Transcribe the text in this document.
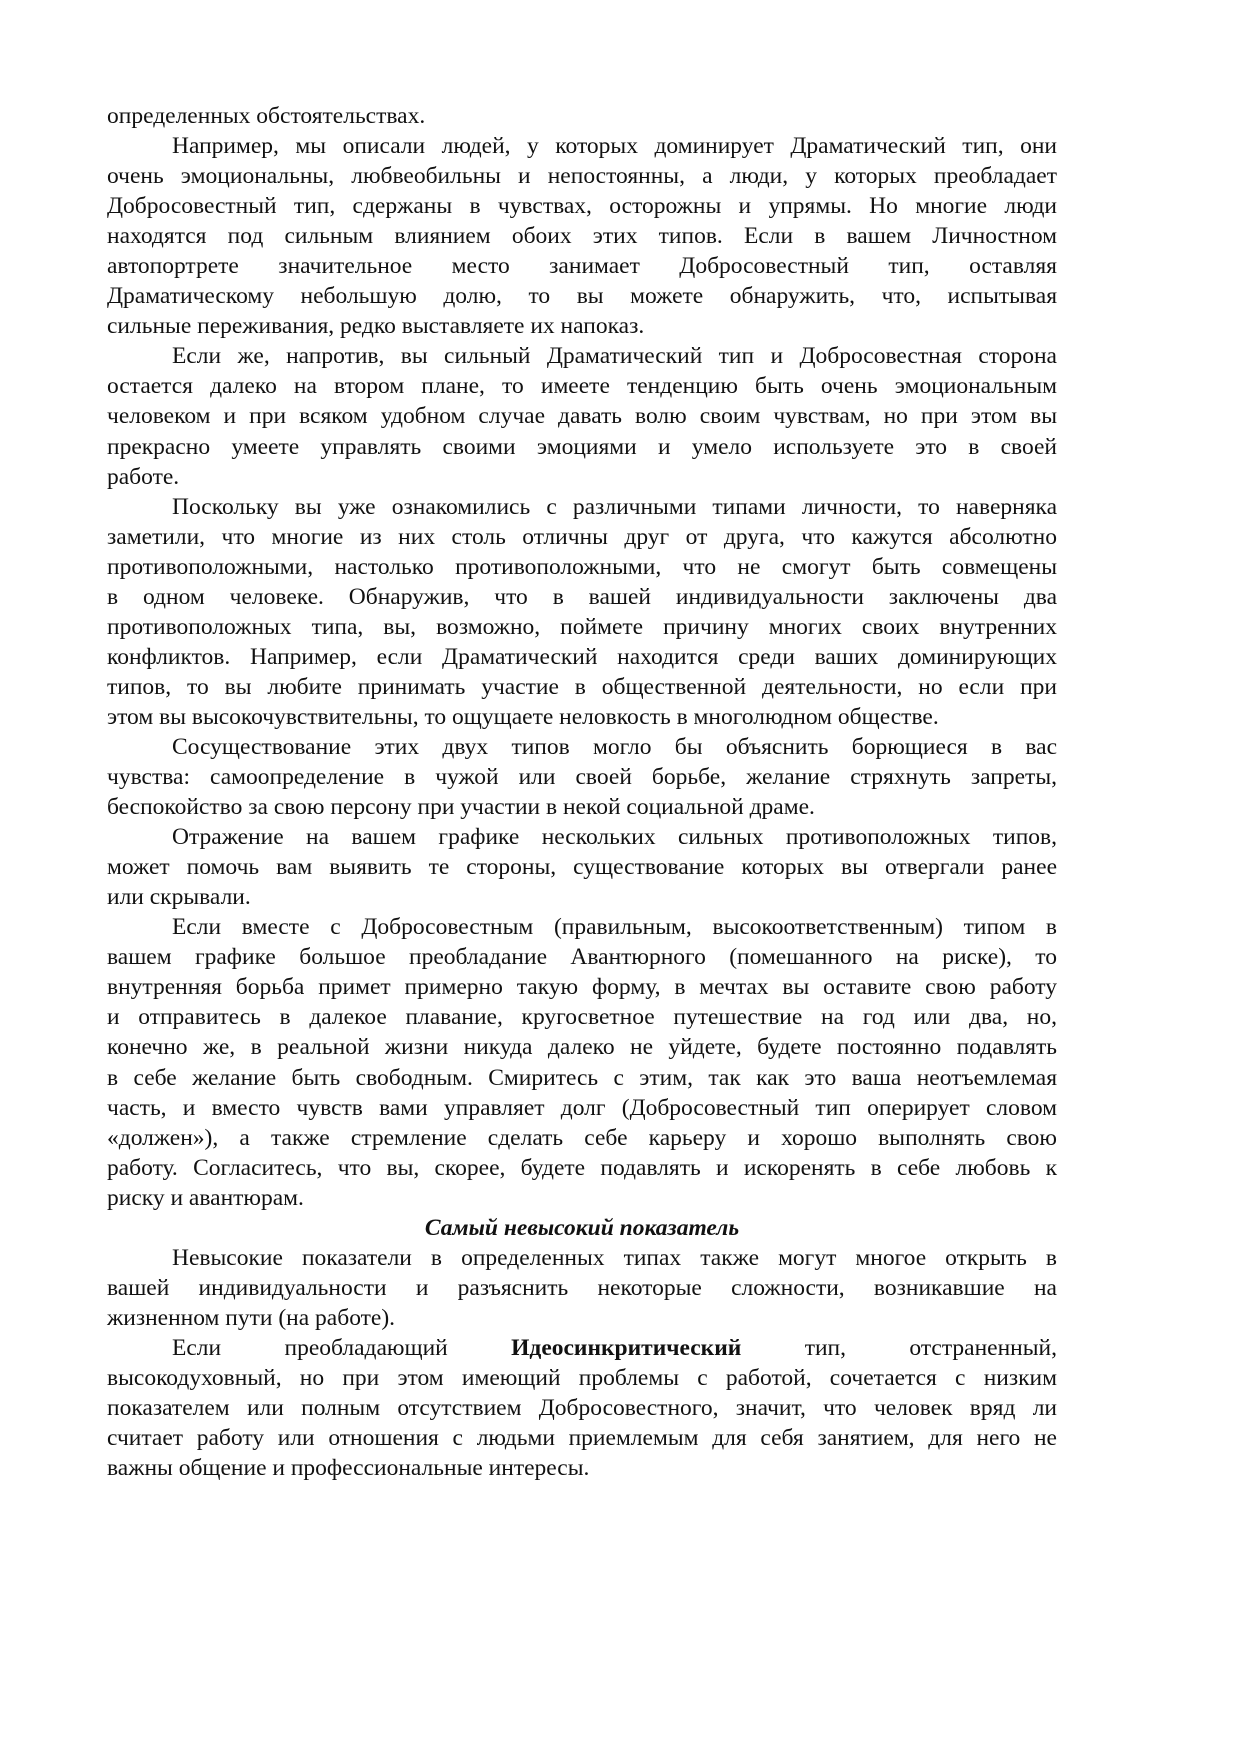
определенных обстоятельствах.
Например, мы описали людей, у которых доминирует Драматический тип, они
очень эмоциональны, любвеобильны и непостоянны, а люди, у которых преобладает
Добросовестный тип, сдержаны в чувствах, осторожны и упрямы. Но многие люди
находятся под сильным влиянием обоих этих типов. Если в вашем Личностном
автопортрете значительное место занимает Добросовестный тип, оставляя
Драматическому небольшую долю, то вы можете обнаружить, что, испытывая
сильные переживания, редко выставляете их напоказ.
Если же, напротив, вы сильный Драматический тип и Добросовестная сторона
остается далеко на втором плане, то имеете тенденцию быть очень эмоциональным
человеком и при всяком удобном случае давать волю своим чувствам, но при этом вы
прекрасно умеете управлять своими эмоциями и умело используете это в своей
работе.
Поскольку вы уже ознакомились с различными типами личности, то наверняка
заметили, что многие из них столь отличны друг от друга, что кажутся абсолютно
противоположными, настолько противоположными, что не смогут быть совмещены
в одном человеке. Обнаружив, что в вашей индивидуальности заключены два
противоположных типа, вы, возможно, поймете причину многих своих внутренних
конфликтов. Например, если Драматический находится среди ваших доминирующих
типов, то вы любите принимать участие в общественной деятельности, но если при
этом вы высокочувствительны, то ощущаете неловкость в многолюдном обществе.
Сосуществование этих двух типов могло бы объяснить борющиеся в вас
чувства: самоопределение в чужой или своей борьбе, желание стряхнуть запреты,
беспокойство за свою персону при участии в некой социальной драме.
Отражение на вашем графике нескольких сильных противоположных типов,
может помочь вам выявить те стороны, существование которых вы отвергали ранее
или скрывали.
Если вместе с Добросовестным (правильным, высокоответственным) типом в
вашем графике большое преобладание Авантюрного (помешанного на риске), то
внутренняя борьба примет примерно такую форму, в мечтах вы оставите свою работу
и отправитесь в далекое плавание, кругосветное путешествие на год или два, но,
конечно же, в реальной жизни никуда далеко не уйдете, будете постоянно подавлять
в себе желание быть свободным. Смиритесь с этим, так как это ваша неотъемлемая
часть, и вместо чувств вами управляет долг (Добросовестный тип оперирует словом
«должен»), а также стремление сделать себе карьеру и хорошо выполнять свою
работу. Согласитесь, что вы, скорее, будете подавлять и искоренять в себе любовь к
риску и авантюрам.
Самый невысокий показатель
Невысокие показатели в определенных типах также могут многое открыть в
вашей индивидуальности и разъяснить некоторые сложности, возникавшие на
жизненном пути (на работе).
Если преобладающий Идеосинкритический тип, отстраненный,
высокодуховный, но при этом имеющий проблемы с работой, сочетается с низким
показателем или полным отсутствием Добросовестного, значит, что человек вряд ли
считает работу или отношения с людьми приемлемым для себя занятием, для него не
важны общение и профессиональные интересы.
